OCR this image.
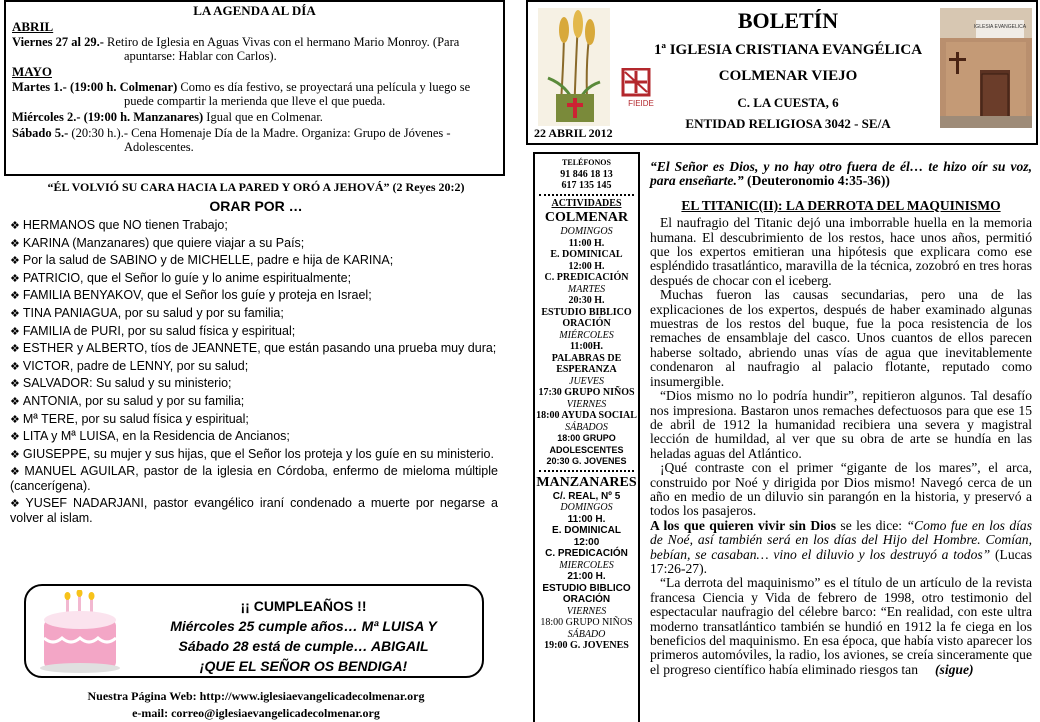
LA AGENDA AL DÍA
ABRIL
Viernes 27 al 29.- Retiro de Iglesia en Aguas Vivas con el hermano Mario Monroy. (Para apuntarse: Hablar con Carlos).
MAYO
Martes 1.- (19:00 h. Colmenar) Como es día festivo, se proyectará una película y luego se puede compartir la merienda que lleve el que pueda.
Miércoles 2.- (19:00 h. Manzanares) Igual que en Colmenar.
Sábado 5.- (20:30 h.).- Cena Homenaje Día de la Madre. Organiza: Grupo de Jóvenes -Adolescentes.
“ÉL VOLVIÓ SU CARA HACIA LA PARED Y ORÓ A JEHOVÁ” (2 Reyes 20:2)
ORAR POR …
❖ HERMANOS que NO tienen Trabajo;
❖ KARINA (Manzanares) que quiere viajar a su País;
❖ Por la salud de SABINO y de MICHELLE, padre e hija de KARINA;
❖ PATRICIO, que el Señor lo guíe y lo anime espiritualmente;
❖ FAMILIA BENYAKOV, que el Señor los guíe y proteja en Israel;
❖ TINA PANIAGUA, por su salud y por su familia;
❖ FAMILIA de PURI, por su salud física y espiritual;
❖ ESTHER y ALBERTO, tíos de JEANNETE, que están pasando una prueba muy dura;
❖ VICTOR, padre de LENNY, por su salud;
❖ SALVADOR: Su salud y su ministerio;
❖ ANTONIA, por su salud y por su familia;
❖ Mª TERE, por su salud física y espiritual;
❖ LITA y Mª LUISA, en la Residencia de Ancianos;
❖ GIUSEPPE, su mujer y sus hijas, que el Señor los proteja y los guíe en su ministerio.
❖ MANUEL AGUILAR, pastor de la iglesia en Córdoba, enfermo de mieloma múltiple (cancerígena).
❖ YUSEF NADARJANI, pastor evangélico iraní condenado a muerte por negarse a volver al islam.
¡¡ CUMPLEAÑOS !!
Miércoles 25 cumple años… Mª LUISA Y
Sábado 28 está de cumple… ABIGAIL
¡QUE EL SEÑOR OS BENDIGA!
Nuestra Página Web: http://www.iglesiaevangelicadecolmenar.org
e-mail: correo@iglesiaevangelicadecolmenar.org
FIEIDE
BOLETÍN
1ª IGLESIA CRISTIANA EVANGÉLICA
COLMENAR VIEJO
C. LA CUESTA, 6
ENTIDAD RELIGIOSA 3042 - SE/A
22 ABRIL 2012
IGLESIA EVANGELICA
TELÉFONOS
91 846 18 13
617 135 145
ACTIVIDADES
COLMENAR
DOMINGOS
11:00 H.
E. DOMINICAL
12:00 H.
C. PREDICACIÓN
MARTES
20:30 H.
ESTUDIO BIBLICO ORACIÓN
MIÉRCOLES
11:00H.
PALABRAS DE ESPERANZA
JUEVES
17:30 GRUPO NIÑOS
VIERNES
18:00 AYUDA SOCIAL
SÁBADOS
18:00 GRUPO ADOLESCENTES
20:30 G. JOVENES
MANZANARES
C/. REAL, Nº 5
DOMINGOS
11:00 H.
E. DOMINICAL
12:00
C. PREDICACIÓN
MIERCOLES
21:00 H.
ESTUDIO BIBLICO ORACIÓN
VIERNES
18:00 GRUPO NIÑOS
SÁBADO
19:00 G. JOVENES

“El Señor es Dios, y no hay otro fuera de él… te hizo oír su voz, para enseñarte.” (Deuteronomio 4:35-36))

EL TITANIC(II): LA DERROTA DEL MAQUINISMO

El naufragio del Titanic dejó una imborrable huella en la memoria humana. El descubrimiento de los restos, hace unos años, permitió que los expertos emitieran una hipótesis que explicara como ese espléndido trasatlántico, maravilla de la técnica, zozobró en tres horas después de chocar con el iceberg.

Muchas fueron las causas secundarias, pero una de las explicaciones de los expertos, después de haber examinado algunas muestras de los restos del buque, fue la poca resistencia de los remaches de ensamblaje del casco. Unos cuantos de ellos parecen haberse soltado, abriendo unas vías de agua que inevitablemente condenaron al naufragio al palacio flotante, reputado como insumergible.

“Dios mismo no lo podría hundir”, repitieron algunos. Tal desafío nos impresiona. Bastaron unos remaches defectuosos para que ese 15 de abril de 1912 la humanidad recibiera una severa y magistral lección de humildad, al ver que su obra de arte se hundía en las heladas aguas del Atlántico.

¡Qué contraste con el primer “gigante de los mares”, el arca, construido por Noé y dirigida por Dios mismo! Navegó cerca de un año en medio de un diluvio sin parangón en la historia, y preservó a todos los pasajeros.

A los que quieren vivir sin Dios se les dice: “Como fue en los días de Noé, así también será en los días del Hijo del Hombre. Comían, bebían, se casaban… vino el diluvio y los destruyó a todos” (Lucas 17:26-27).

“La derrota del maquinismo” es el título de un artículo de la revista francesa Ciencia y Vida de febrero de 1998, otro testimonio del espectacular naufragio del célebre barco: “En realidad, con este ultra moderno transatlántico también se hundió en 1912 la fe ciega en los beneficios del maquinismo. En esa época, que había visto aparecer los primeros automóviles, la radio, los aviones, se creía sinceramente que el progreso científico había eliminado riesgos tan (sigue)
